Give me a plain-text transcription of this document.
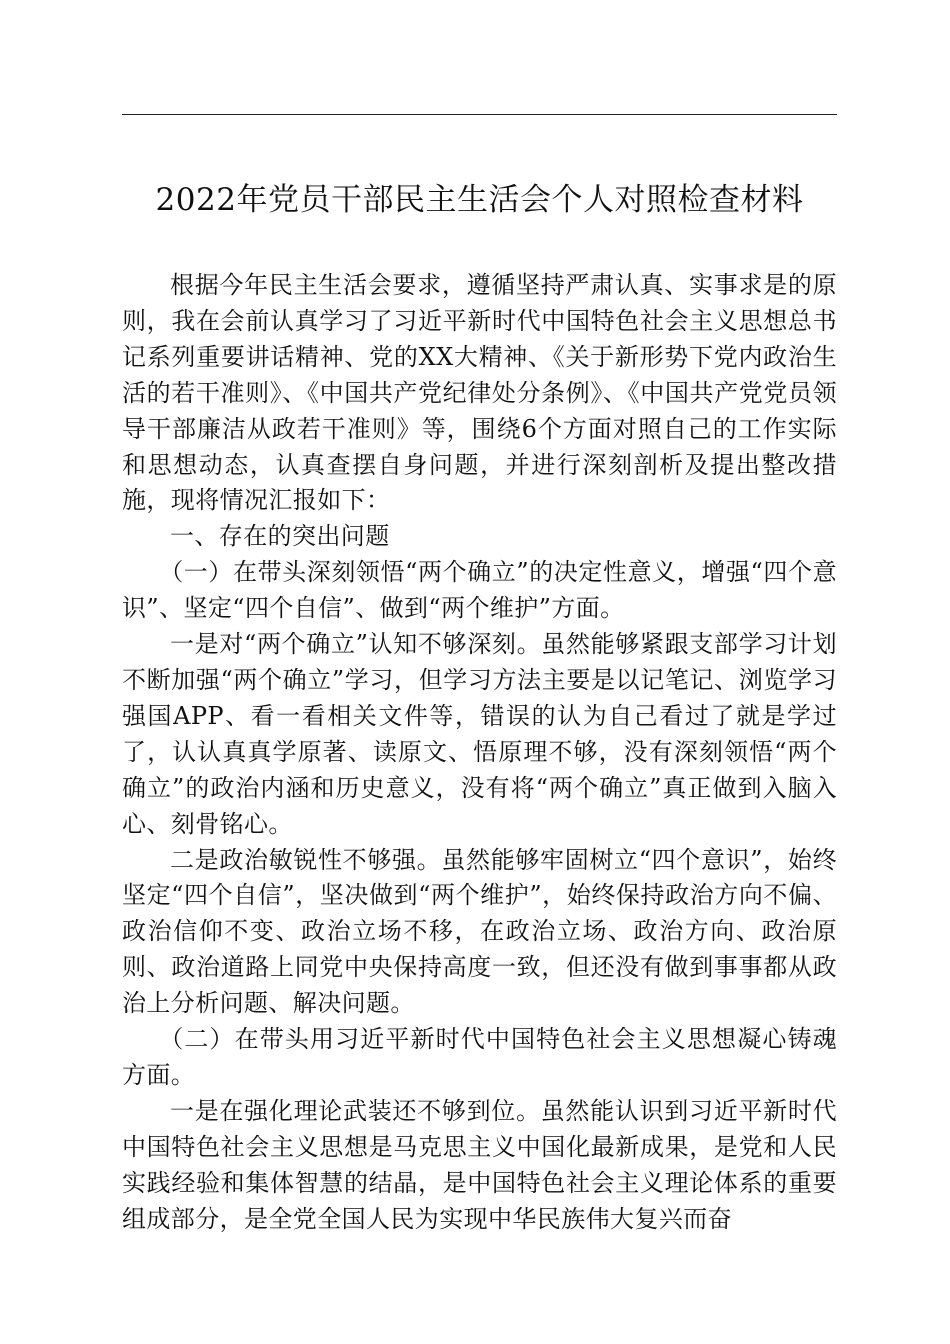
2022年党员干部民主生活会个人对照检查材料

根据今年民主生活会要求，遵循坚持严肃认真、实事求是的原则，我在会前认真学习了习近平新时代中国特色社会主义思想总书记系列重要讲话精神、党的XX大精神、《关于新形势下党内政治生活的若干准则》、《中国共产党纪律处分条例》、《中国共产党党员领导干部廉洁从政若干准则》等，围绕6个方面对照自己的工作实际和思想动态，认真查摆自身问题，并进行深刻剖析及提出整改措施，现将情况汇报如下：

一、存在的突出问题

（一）在带头深刻领悟“两个确立”的决定性意义，增强“四个意识”、坚定“四个自信”、做到“两个维护”方面。

一是对“两个确立”认知不够深刻。虽然能够紧跟支部学习计划不断加强“两个确立”学习，但学习方法主要是以记笔记、浏览学习强国APP、看一看相关文件等，错误的认为自己看过了就是学过了，认认真真学原著、读原文、悟原理不够，没有深刻领悟“两个确立”的政治内涵和历史意义，没有将“两个确立”真正做到入脑入心、刻骨铭心。

二是政治敏锐性不够强。虽然能够牢固树立“四个意识”，始终坚定“四个自信”，坚决做到“两个维护”，始终保持政治方向不偏、政治信仰不变、政治立场不移，在政治立场、政治方向、政治原则、政治道路上同党中央保持高度一致，但还没有做到事事都从政治上分析问题、解决问题。

（二）在带头用习近平新时代中国特色社会主义思想凝心铸魂方面。

一是在强化理论武装还不够到位。虽然能认识到习近平新时代中国特色社会主义思想是马克思主义中国化最新成果，是党和人民实践经验和集体智慧的结晶，是中国特色社会主义理论体系的重要组成部分，是全党全国人民为实现中华民族伟大复兴而奋
